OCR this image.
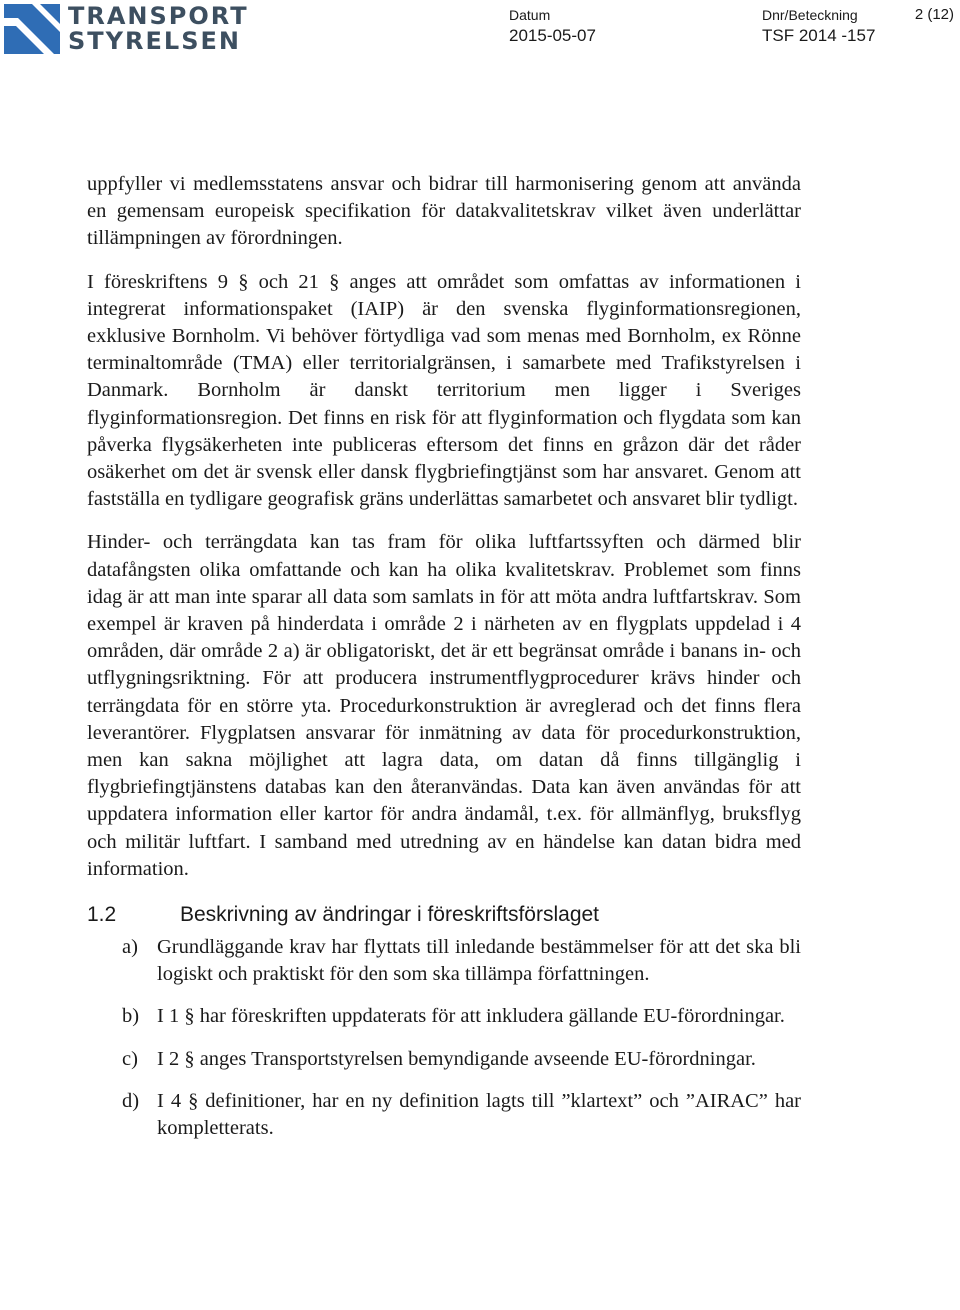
TRANSPORT
STYRELSEN
Datum
2015-05-07
Dnr/Beteckning
TSF 2014 -157
2 (12)

uppfyller vi medlemsstatens ansvar och bidrar till harmonisering genom att använda en gemensam europeisk specifikation för datakvalitetskrav vilket även underlättar tillämpningen av förordningen.

I föreskriftens 9 § och 21 § anges att området som omfattas av informationen i integrerat informationspaket (IAIP) är den svenska flyginformationsregionen, exklusive Bornholm. Vi behöver förtydliga vad som menas med Bornholm, ex Rönne terminaltområde (TMA) eller territorialgränsen, i samarbete med Trafikstyrelsen i Danmark. Bornholm är danskt territorium men ligger i Sveriges flyginformationsregion. Det finns en risk för att flyginformation och flygdata som kan påverka flygsäkerheten inte publiceras eftersom det finns en gråzon där det råder osäkerhet om det är svensk eller dansk flygbriefingtjänst som har ansvaret. Genom att fastställa en tydligare geografisk gräns underlättas samarbetet och ansvaret blir tydligt.

Hinder- och terrängdata kan tas fram för olika luftfartssyften och därmed blir datafångsten olika omfattande och kan ha olika kvalitetskrav. Problemet som finns idag är att man inte sparar all data som samlats in för att möta andra luftfartskrav. Som exempel är kraven på hinderdata i område 2 i närheten av en flygplats uppdelad i 4 områden, där område 2 a) är obligatoriskt, det är ett begränsat område i banans in- och utflygningsriktning. För att producera instrumentflygprocedurer krävs hinder och terrängdata för en större yta. Procedurkonstruktion är avreglerad och det finns flera leverantörer. Flygplatsen ansvarar för inmätning av data för procedurkonstruktion, men kan sakna möjlighet att lagra data, om datan då finns tillgänglig i flygbriefingtjänstens databas kan den återanvändas. Data kan även användas för att uppdatera information eller kartor för andra ändamål, t.ex. för allmänflyg, bruksflyg och militär luftfart. I samband med utredning av en händelse kan datan bidra med information.

1.2	Beskrivning av ändringar i föreskriftsförslaget
a) Grundläggande krav har flyttats till inledande bestämmelser för att det ska bli logiskt och praktiskt för den som ska tillämpa författningen.
b) I 1 § har föreskriften uppdaterats för att inkludera gällande EU-förordningar.
c) I 2 § anges Transportstyrelsen bemyndigande avseende EU-förordningar.
d) I 4 § definitioner, har en ny definition lagts till ”klartext” och ”AIRAC” har kompletterats.
